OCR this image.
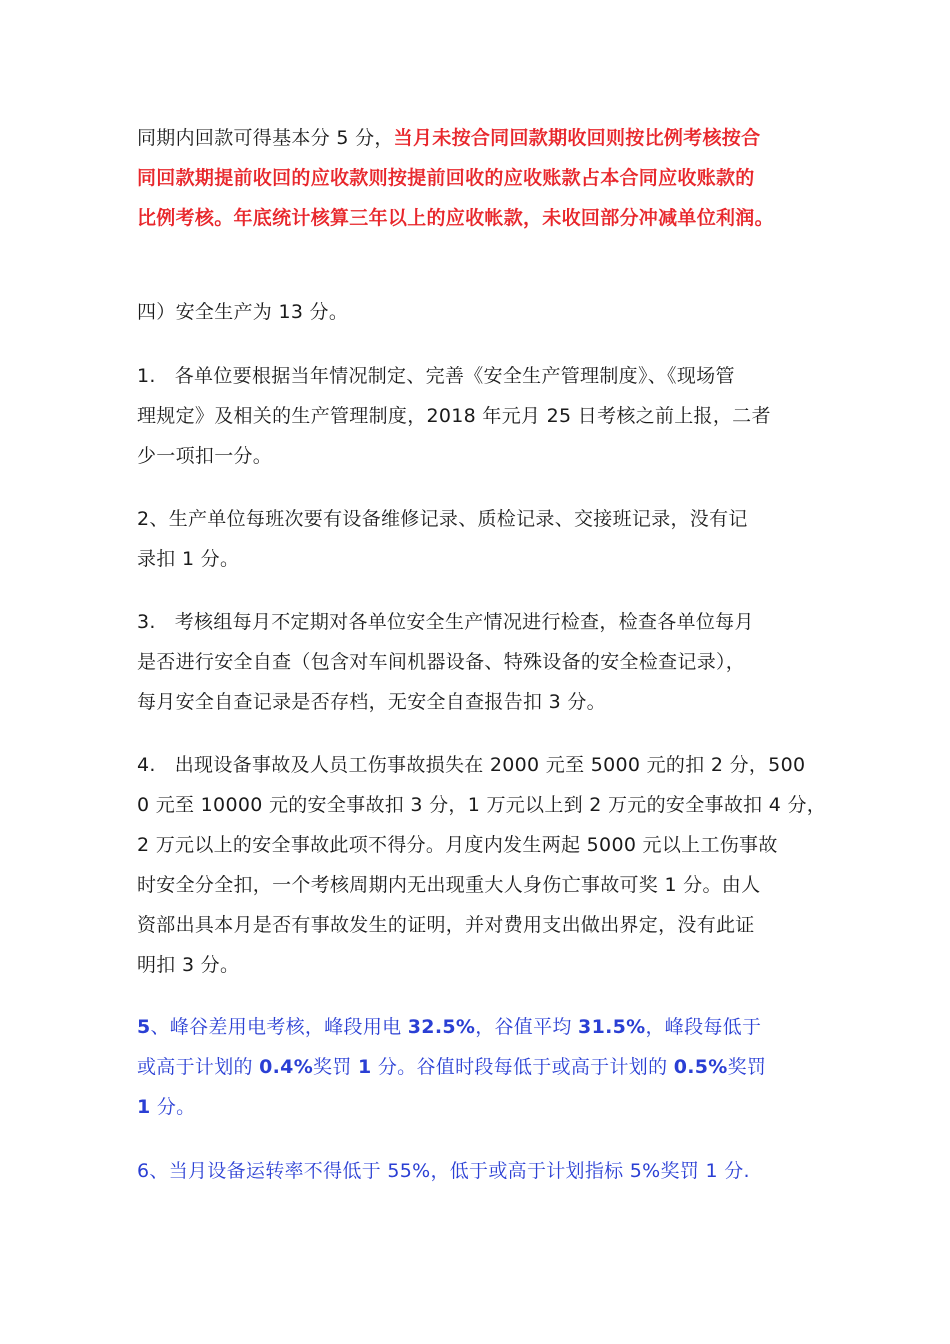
同期内回款可得基本分 5 分，当月未按合同回款期收回则按比例考核按合
同回款期提前收回的应收款则按提前回收的应收账款占本合同应收账款的
比例考核。年底统计核算三年以上的应收帐款，未收回部分冲减单位利润。
四）安全生产为 13 分。
1.   各单位要根据当年情况制定、完善《安全生产管理制度》、《现场管
理规定》及相关的生产管理制度，2018 年元月 25 日考核之前上报，二者
少一项扣一分。
2、生产单位每班次要有设备维修记录、质检记录、交接班记录，没有记
录扣 1 分。
3.   考核组每月不定期对各单位安全生产情况进行检查，检查各单位每月
是否进行安全自查（包含对车间机器设备、特殊设备的安全检查记录），
每月安全自查记录是否存档，无安全自查报告扣 3 分。
4.   出现设备事故及人员工伤事故损失在 2000 元至 5000 元的扣 2 分，500
0 元至 10000 元的安全事故扣 3 分，1 万元以上到 2 万元的安全事故扣 4 分，
2 万元以上的安全事故此项不得分。月度内发生两起 5000 元以上工伤事故
时安全分全扣，一个考核周期内无出现重大人身伤亡事故可奖 1 分。由人
资部出具本月是否有事故发生的证明，并对费用支出做出界定，没有此证
明扣 3 分。
5、峰谷差用电考核，峰段用电 32.5%，谷值平均 31.5%，峰段每低于
或高于计划的 0.4%奖罚 1 分。谷值时段每低于或高于计划的 0.5%奖罚
1 分。
6、当月设备运转率不得低于 55%，低于或高于计划指标 5%奖罚 1 分.
